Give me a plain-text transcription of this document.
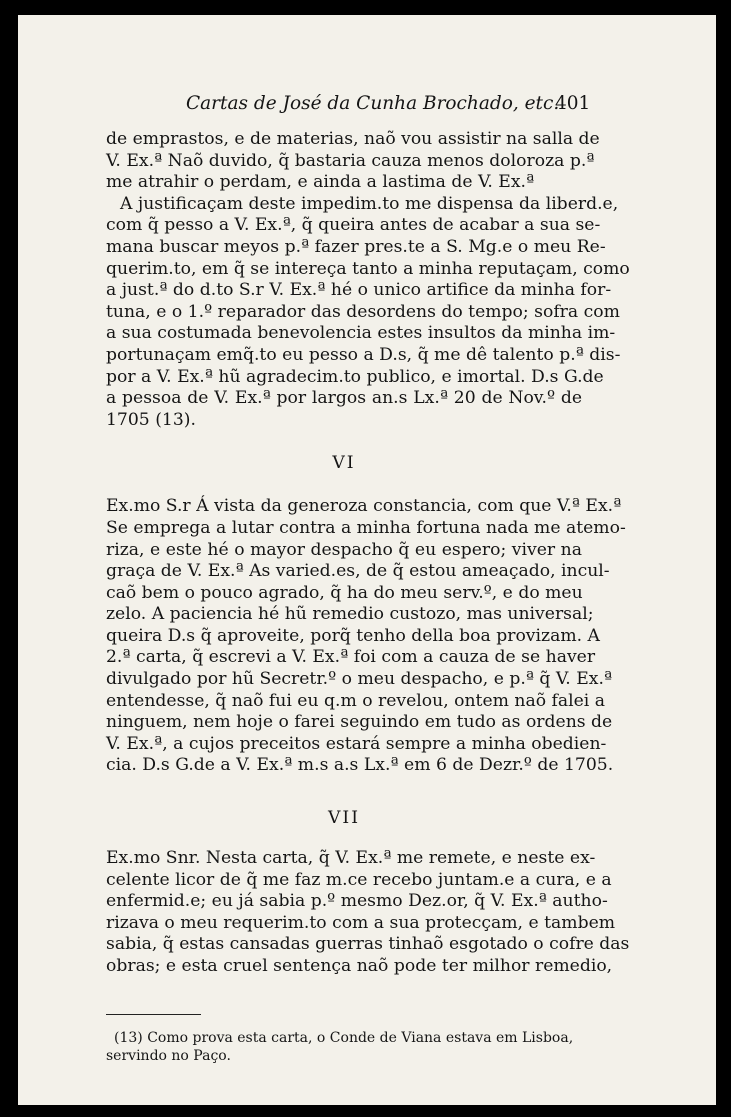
Cartas de José da Cunha Brochado, etc.
401
de emprastos, e de materias, naõ vou assistir na salla de
V. Ex.ª Naõ duvido, q̃ bastaria cauza menos doloroza p.ª
me atrahir o perdam, e ainda a lastima de V. Ex.ª
A justificaçam deste impedim.to me dispensa da liberd.e,
com q̃ pesso a V. Ex.ª, q̃ queira antes de acabar a sua se-
mana buscar meyos p.ª fazer pres.te a S. Mg.e o meu Re-
querim.to, em q̃ se intereça tanto a minha reputaçam, como
a just.ª do d.to S.r V. Ex.ª hé o unico artifice da minha for-
tuna, e o 1.º reparador das desordens do tempo; sofra com
a sua costumada benevolencia estes insultos da minha im-
portunaçam emq̃.to eu pesso a D.s, q̃ me dê talento p.ª dis-
por a V. Ex.ª hũ agradecim.to publico, e imortal. D.s G.de
a pessoa de V. Ex.ª por largos an.s Lx.ª 20 de Nov.º de
1705 (13).
VI
Ex.mo S.r Á vista da generoza constancia, com que V.ª Ex.ª
Se emprega a lutar contra a minha fortuna nada me atemo-
riza, e este hé o mayor despacho q̃ eu espero; viver na
graça de V. Ex.ª As varied.es, de q̃ estou ameaçado, incul-
caõ bem o pouco agrado, q̃ ha do meu serv.º, e do meu
zelo. A paciencia hé hũ remedio custozo, mas universal;
queira D.s q̃ aproveite, porq̃ tenho della boa provizam. A
2.ª carta, q̃ escrevi a V. Ex.ª foi com a cauza de se haver
divulgado por hũ Secretr.º o meu despacho, e p.ª q̃ V. Ex.ª
entendesse, q̃ naõ fui eu q.m o revelou, ontem naõ falei a
ninguem, nem hoje o farei seguindo em tudo as ordens de
V. Ex.ª, a cujos preceitos estará sempre a minha obedien-
cia. D.s G.de a V. Ex.ª m.s a.s Lx.ª em 6 de Dezr.º de 1705.
VII
Ex.mo Snr. Nesta carta, q̃ V. Ex.ª me remete, e neste ex-
celente licor de q̃ me faz m.ce recebo juntam.e a cura, e a
enfermid.e; eu já sabia p.º mesmo Dez.or, q̃ V. Ex.ª autho-
rizava o meu requerim.to com a sua protecçam, e tambem
sabia, q̃ estas cansadas guerras tinhaõ esgotado o cofre das
obras; e esta cruel sentença naõ pode ter milhor remedio,
(13) Como prova esta carta, o Conde de Viana estava em Lisboa,
servindo no Paço.
